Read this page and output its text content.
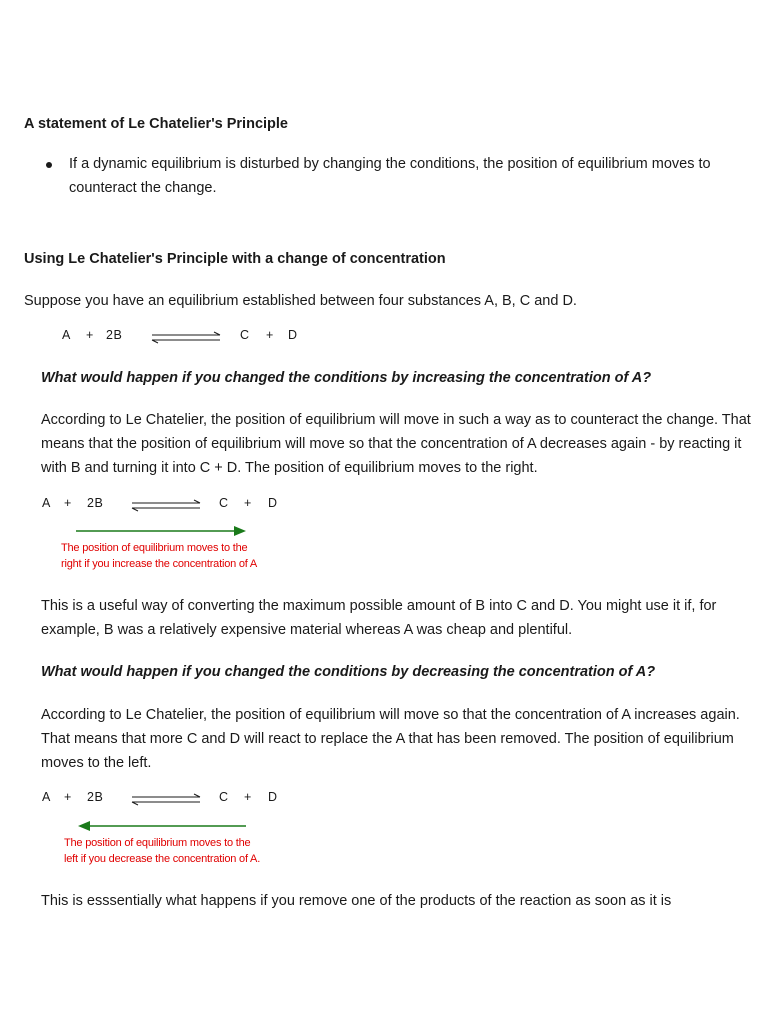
A statement of Le Chatelier's Principle

If a dynamic equilibrium is disturbed by changing the conditions, the position of equilibrium moves to counteract the change.

Using Le Chatelier's Principle with a change of concentration

Suppose you have an equilibrium established between four substances A, B, C and D.

A + 2B	C + D

What would happen if you changed the conditions by increasing the concentration of A?

According to Le Chatelier, the position of equilibrium will move in such a way as to counteract the change. That means that the position of equilibrium will move so that the concentration of A decreases again - by reacting it with B and turning it into C + D. The position of equilibrium moves to the right.

A + 2B	C + D

The position of equilibrium moves to the

right if you increase the concentration of A

This is a useful way of converting the maximum possible amount of B into C and D. You might use it if, for example, B was a relatively expensive material whereas A was cheap and plentiful.

What would happen if you changed the conditions by decreasing the concentration of A?

According to Le Chatelier, the position of equilibrium will move so that the concentration of A increases again. That means that more C and D will react to replace the A that has been removed. The position of equilibrium moves to the left.

A + 2B	C + D

The position of equilibrium moves to the

left if you decrease the concentration of A.

This is esssentially what happens if you remove one of the products of the reaction as soon as it is
